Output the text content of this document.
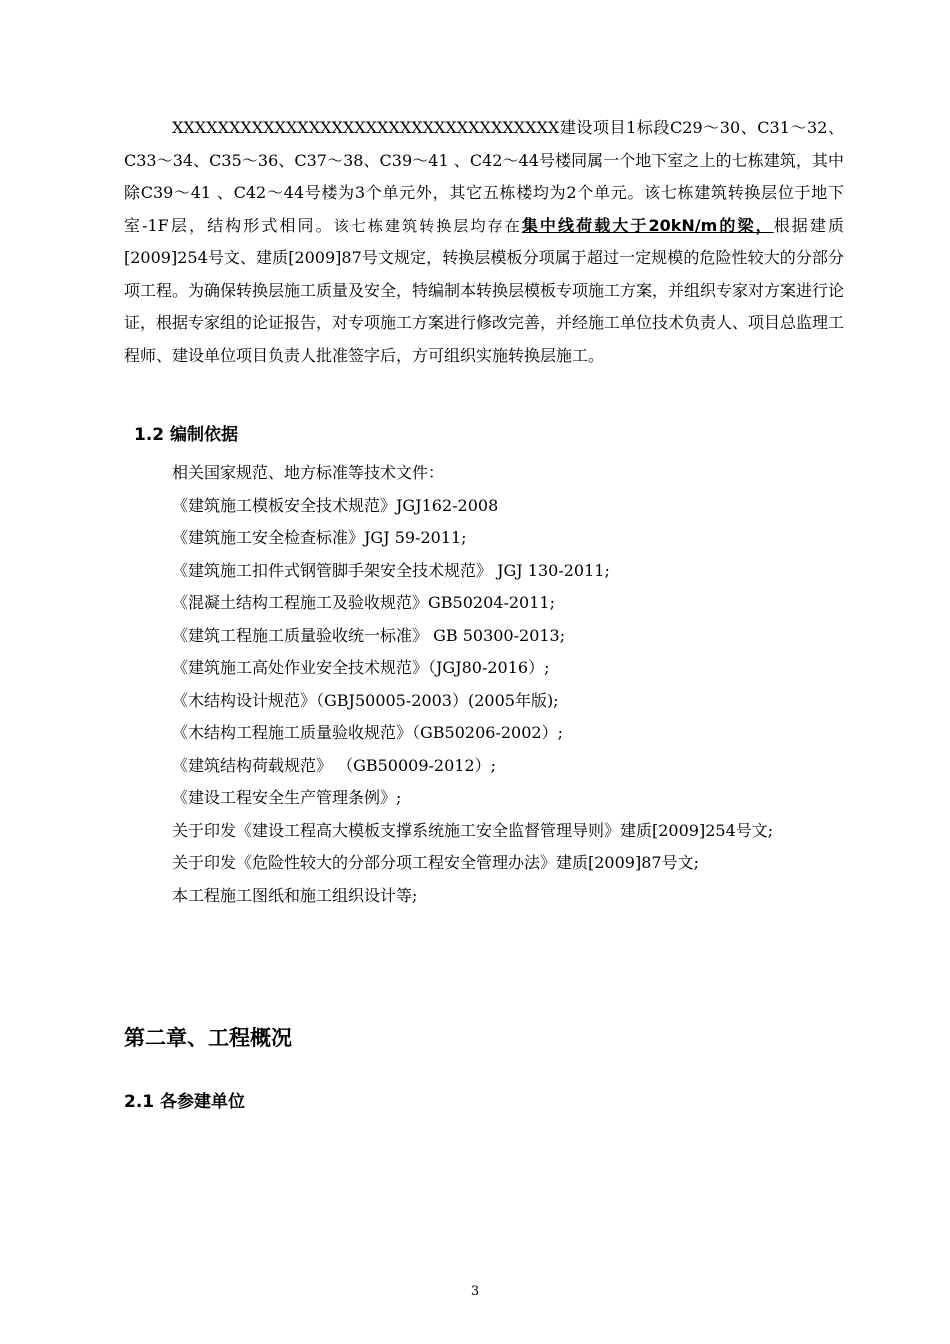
XXXXXXXXXXXXXXXXXXXXXXXXXXXXXXXXXX建设项目1标段C29～30、C31～32、C33～34、C35～36、C37～38、C39～41 、C42～44号楼同属一个地下室之上的七栋建筑，其中除C39～41 、C42～44号楼为3个单元外，其它五栋楼均为2个单元。该七栋建筑转换层位于地下室-1F层，结构形式相同。该七栋建筑转换层均存在集中线荷载大于20kN/m的梁，根据建质[2009]254号文、建质[2009]87号文规定，转换层模板分项属于超过一定规模的危险性较大的分部分项工程。为确保转换层施工质量及安全，特编制本转换层模板专项施工方案，并组织专家对方案进行论证，根据专家组的论证报告，对专项施工方案进行修改完善，并经施工单位技术负责人、项目总监理工程师、建设单位项目负责人批准签字后，方可组织实施转换层施工。

1.2 编制依据
相关国家规范、地方标准等技术文件：
《建筑施工模板安全技术规范》JGJ162-2008
《建筑施工安全检查标准》JGJ 59-2011;
《建筑施工扣件式钢管脚手架安全技术规范》 JGJ 130-2011;
《混凝土结构工程施工及验收规范》GB50204-2011;
《建筑工程施工质量验收统一标准》 GB 50300-2013;
《建筑施工高处作业安全技术规范》（JGJ80-2016）;
《木结构设计规范》（GBJ50005-2003）(2005年版);
《木结构工程施工质量验收规范》（GB50206-2002）;
《建筑结构荷载规范》 （GB50009-2012）;
《建设工程安全生产管理条例》;
关于印发《建设工程高大模板支撑系统施工安全监督管理导则》建质[2009]254号文;
关于印发《危险性较大的分部分项工程安全管理办法》建质[2009]87号文;
本工程施工图纸和施工组织设计等;
第二章、工程概况
2.1 各参建单位
3
